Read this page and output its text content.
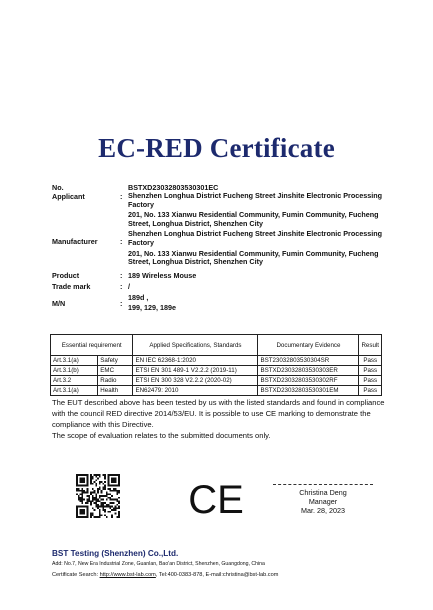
EC-RED Certificate
No.	BSTXD23032803530301EC
Applicant	: Shenzhen Longhua District Fucheng Street Jinshite Electronic Processing Factory
201, No. 133 Xianwu Residential Community, Fumin Community, Fucheng Street, Longhua District, Shenzhen City
Manufacturer	:
Shenzhen Longhua District Fucheng Street Jinshite Electronic Processing Factory
201, No. 133 Xianwu Residential Community, Fumin Community, Fucheng Street, Longhua District, Shenzhen City
Product	: 189 Wireless Mouse
Trade mark	: /
M/N	:
189d ,
199, 129, 189e
Essential requirement		Applied Specifications, Standards	Documentary Evidence	Result
Art.3.1(a)	Safety	EN IEC 62368-1:2020	BST23032803530304SR	Pass
Art.3.1(b)	EMC	ETSI EN 301 489-1 V2.2.2 (2019-11)	BSTXD23032803530303ER	Pass
Art.3.2	Radio	ETSI EN 300 328 V2.2.2 (2020-02)	BSTXD23032803530302RF	Pass
Art.3.1(a)	Health	EN62479: 2010	BSTXD23032803530301EM	Pass
The EUT described above has been tested by us with the listed standards and found in compliance with the council RED directive 2014/53/EU. It is possible to use CE marking to demonstrate the compliance with this Directive.
The scope of evaluation relates to the submitted documents only.
CE	Christina Deng
Manager
Mar. 28, 2023
BST Testing (Shenzhen) Co.,Ltd.
Add: No.7, New Era Industrial Zone, Guanlan, Bao'an District, Shenzhen, Guangdong, China
Certificate Search: http://www.bst-lab.com, Tel:400-0383-878, E-mail:christina@bst-lab.com
